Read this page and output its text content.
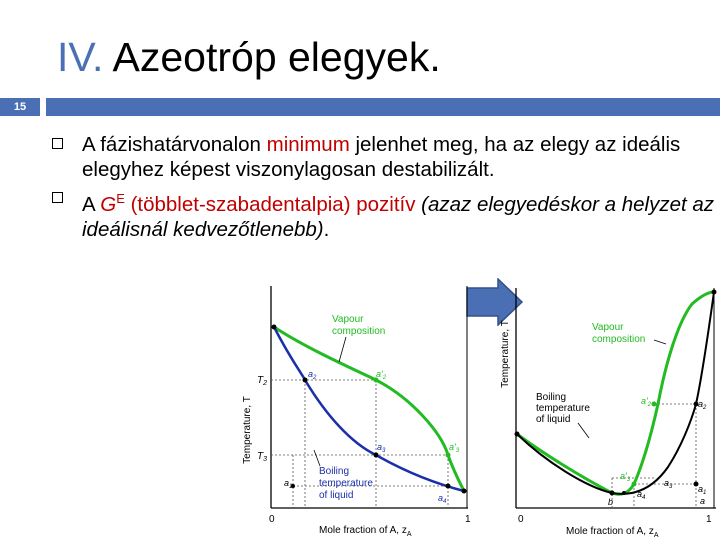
IV. Azeotróp elegyek.
15
A fázishatárvonalon minimum jelenhet meg, ha az elegy az ideális elegyhez képest viszonylagosan destabilizált.
A $G^E$ (többlet-szabadentalpia) pozitív (azaz elegyedéskor a helyzet az ideálisnál kedvezőtlenebb).
Temperature, T
Mole fraction of A, $z_A$
0	1
$T_2$
$T_3$
Vapour
composition
Boiling
temperature
of liquid
$a_2$	$a'_2$
$a_3$	$a'_3$
$a_4$
$a_1$
Temperature, T
Mole fraction of A, $z_A$
0	1
Vapour
composition
Boiling
temperature
of liquid
$a'_2$	$a_2$
$a'_3$	$a_3$
$a_4$
$a_1$
a
b
